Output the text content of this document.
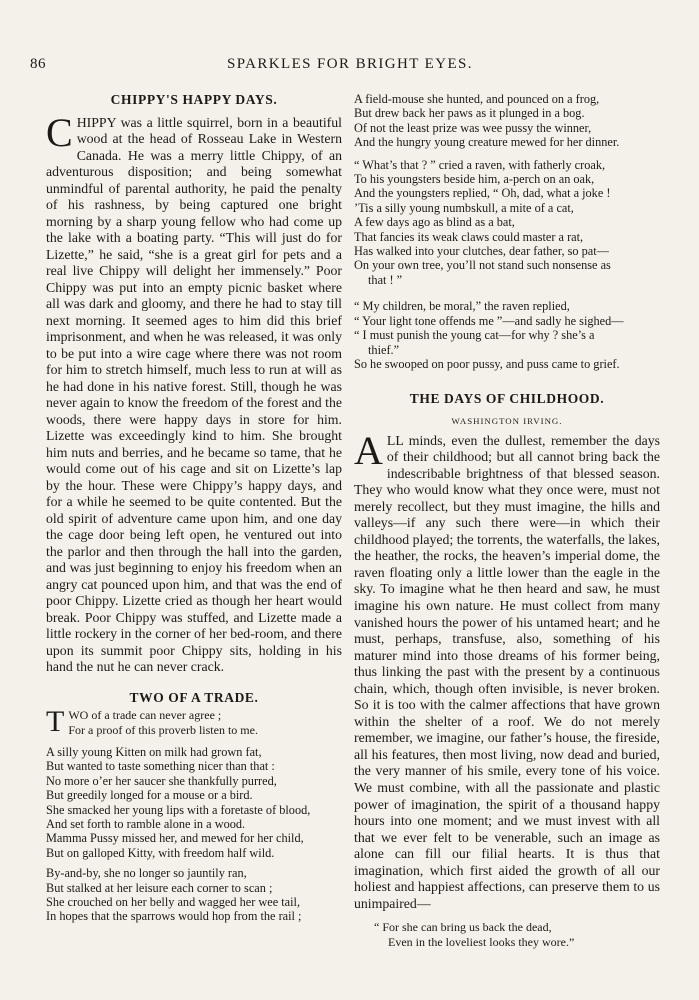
86	SPARKLES FOR BRIGHT EYES.
CHIPPY'S HAPPY DAYS.

CHIPPY was a little squirrel, born in a beautiful wood at the head of Rosseau Lake in Western Canada. He was a merry little Chippy, of an adventurous disposition; and being somewhat unmindful of parental authority, he paid the penalty of his rashness, by being captured one bright morning by a sharp young fellow who had come up the lake with a boating party. “This will just do for Lizette,” he said, “she is a great girl for pets and a real live Chippy will delight her immensely.” Poor Chippy was put into an empty picnic basket where all was dark and gloomy, and there he had to stay till next morning. It seemed ages to him did this brief imprisonment, and when he was released, it was only to be put into a wire cage where there was not room for him to stretch himself, much less to run at will as he had done in his native forest. Still, though he was never again to know the freedom of the forest and the woods, there were happy days in store for him. Lizette was exceedingly kind to him. She brought him nuts and berries, and he became so tame, that he would come out of his cage and sit on Lizette’s lap by the hour. These were Chippy’s happy days, and for a while he seemed to be quite contented. But the old spirit of adventure came upon him, and one day the cage door being left open, he ventured out into the parlor and then through the hall into the garden, and was just beginning to enjoy his freedom when an angry cat pounced upon him, and that was the end of poor Chippy. Lizette cried as though her heart would break. Poor Chippy was stuffed, and Lizette made a little rockery in the corner of her bed-room, and there upon its summit poor Chippy sits, holding in his hand the nut he can never crack.

TWO OF A TRADE.
T WO of a trade can never agree ;
For a proof of this proverb listen to me.
A silly young Kitten on milk had grown fat,
But wanted to taste something nicer than that :
No more o’er her saucer she thankfully purred,
But greedily longed for a mouse or a bird.
She smacked her young lips with a foretaste of blood,
And set forth to ramble alone in a wood.
Mamma Pussy missed her, and mewed for her child,
But on galloped Kitty, with freedom half wild.
By-and-by, she no longer so jauntily ran,
But stalked at her leisure each corner to scan ;
She crouched on her belly and wagged her wee tail,
In hopes that the sparrows would hop from the rail ;
A field-mouse she hunted, and pounced on a frog,
But drew back her paws as it plunged in a bog.
Of not the least prize was wee pussy the winner,
And the hungry young creature mewed for her dinner.
“ What’s that ? ” cried a raven, with fatherly croak,
To his youngsters beside him, a-perch on an oak,
And the youngsters replied, “ Oh, dad, what a joke !
’Tis a silly young numbskull, a mite of a cat,
A few days ago as blind as a bat,
That fancies its weak claws could master a rat,
Has walked into your clutches, dear father, so pat—
On your own tree, you’ll not stand such nonsense as
that ! ”
“ My children, be moral,” the raven replied,
“ Your light tone offends me ”—and sadly he sighed—
“ I must punish the young cat—for why ? she’s a
thief.”
So he swooped on poor pussy, and puss came to grief.
THE DAYS OF CHILDHOOD.
WASHINGTON IRVING.

ALL minds, even the dullest, remember the days of their childhood; but all cannot bring back the indescribable brightness of that blessed season. They who would know what they once were, must not merely recollect, but they must imagine, the hills and valleys—if any such there were—in which their childhood played; the torrents, the waterfalls, the lakes, the heather, the rocks, the heaven’s imperial dome, the raven floating only a little lower than the eagle in the sky. To imagine what he then heard and saw, he must imagine his own nature. He must collect from many vanished hours the power of his untamed heart; and he must, perhaps, transfuse, also, something of his maturer mind into those dreams of his former being, thus linking the past with the present by a continuous chain, which, though often invisible, is never broken. So it is too with the calmer affections that have grown within the shelter of a roof. We do not merely remember, we imagine, our father’s house, the fireside, all his features, then most living, now dead and buried, the very manner of his smile, every tone of his voice. We must combine, with all the passionate and plastic power of imagination, the spirit of a thousand happy hours into one moment; and we must invest with all that we ever felt to be venerable, such an image as alone can fill our filial hearts. It is thus that imagination, which first aided the growth of all our holiest and happiest affections, can preserve them to us unimpaired—

“ For she can bring us back the dead,
Even in the loveliest looks they wore.”
